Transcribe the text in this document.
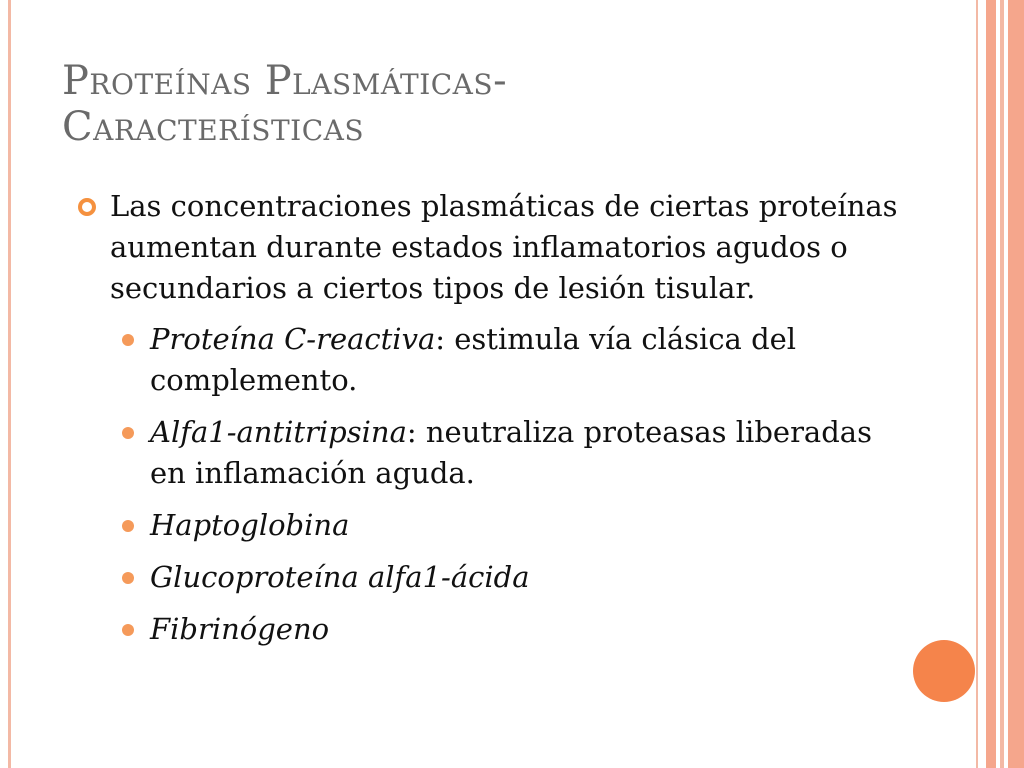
Proteínas Plasmáticas-
Características
Las concentraciones plasmáticas de ciertas proteínas aumentan durante estados inflamatorios agudos o secundarios a ciertos tipos de lesión tisular.
Proteína C-reactiva: estimula vía clásica del complemento.
Alfa1-antitripsina: neutraliza proteasas liberadas en inflamación aguda.
Haptoglobina
Glucoproteína alfa1-ácida
Fibrinógeno
